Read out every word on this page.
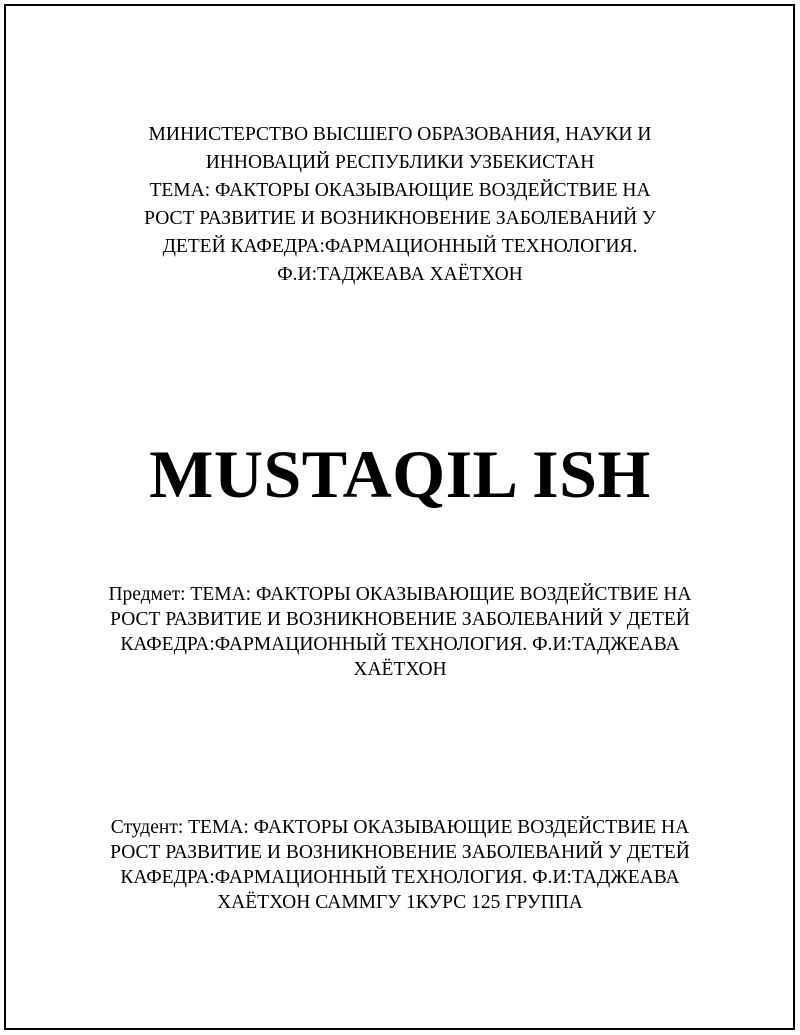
МИНИСТЕРСТВО ВЫСШЕГО ОБРАЗОВАНИЯ, НАУКИ И
ИННОВАЦИЙ РЕСПУБЛИКИ УЗБЕКИСТАН
ТЕМА: ФАКТОРЫ ОКАЗЫВАЮЩИЕ ВОЗДЕЙСТВИЕ НА
РОСТ РАЗВИТИЕ И ВОЗНИКНОВЕНИЕ ЗАБОЛЕВАНИЙ У
ДЕТЕЙ КАФЕДРА:ФАРМАЦИОННЫЙ ТЕХНОЛОГИЯ.
Ф.И:ТАДЖЕАВА ХАЁТХОН
MUSTAQIL ISH
Предмет: ТЕМА: ФАКТОРЫ ОКАЗЫВАЮЩИЕ ВОЗДЕЙСТВИЕ НА
РОСТ РАЗВИТИЕ И ВОЗНИКНОВЕНИЕ ЗАБОЛЕВАНИЙ У ДЕТЕЙ
КАФЕДРА:ФАРМАЦИОННЫЙ ТЕХНОЛОГИЯ. Ф.И:ТАДЖЕАВА
ХАЁТХОН
Студент: ТЕМА: ФАКТОРЫ ОКАЗЫВАЮЩИЕ ВОЗДЕЙСТВИЕ НА
РОСТ РАЗВИТИЕ И ВОЗНИКНОВЕНИЕ ЗАБОЛЕВАНИЙ У ДЕТЕЙ
КАФЕДРА:ФАРМАЦИОННЫЙ ТЕХНОЛОГИЯ. Ф.И:ТАДЖЕАВА
ХАЁТХОН САММГУ 1КУРС 125 ГРУППА
